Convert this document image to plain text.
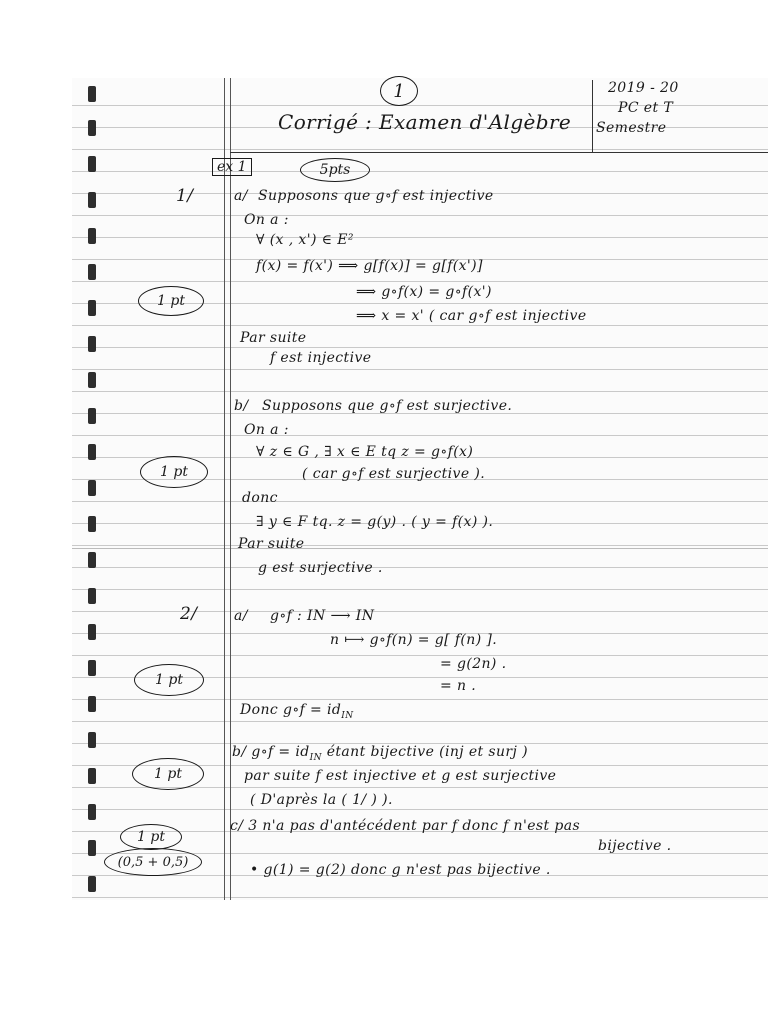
1
Corrigé : Examen d'Algèbre
2019 - 20
PC et T
Semestre
ex 1	5pts
1/	a/ Supposons que g∘f est injective
On a :
∀ (x , x') ∈ E²
f(x) = f(x') ⟹ g[f(x)] = g[f(x')]
⟹ g∘f(x) = g∘f(x')
⟹ x = x' ( car g∘f est injective
Par suite
f est injective
1 pt
b/ Supposons que g∘f est surjective.
On a :
∀ z ∈ G , ∃ x ∈ E tq z = g∘f(x)
( car g∘f est surjective ).
donc
∃ y ∈ F tq. z = g(y) . ( y = f(x) ).
Par suite
g est surjective .
1 pt
2/	a/ g∘f : IN ⟶ IN
n ⟼ g∘f(n) = g[ f(n) ].
= g(2n) .
= n .
Donc g∘f = $id_{IN}$
1 pt
b/ g∘f = $id_{IN}$ étant bijective (inj et surj )
par suite f est injective et g est surjective
( D'après la ( 1/ ) ).
1 pt
c/ 3 n'a pas d'antécédent par f donc f n'est pas
bijective .
• g(1) = g(2) donc g n'est pas bijective .
1 pt
(0,5 + 0,5)
